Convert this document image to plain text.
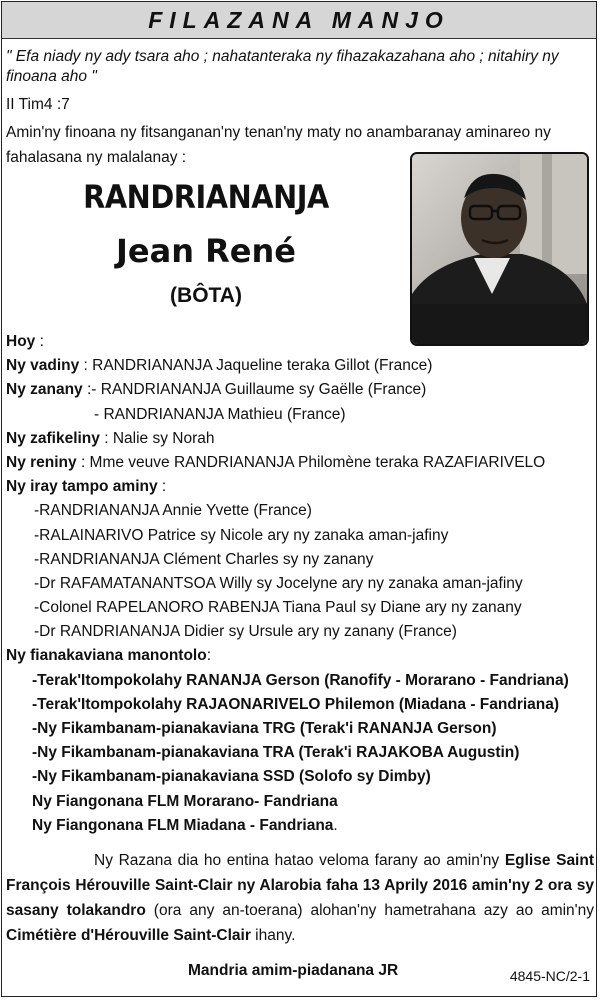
FILAZANA MANJO
" Efa niady ny ady tsara aho ; nahatanteraka ny fihazakazahana aho ; nitahiry ny finoana aho "
II Tim4 :7
Amin'ny finoana ny fitsanganan'ny tenan'ny maty no anambaranay aminareo ny fahalasana ny malalanay :
RANDRIANANJA
Jean René
(BÔTA)
Hoy :
Ny vadiny : RANDRIANANJA Jaqueline teraka Gillot (France)
Ny zanany :- RANDRIANANJA Guillaume sy Gaëlle (France)
- RANDRIANANJA Mathieu (France)
Ny zafikeliny : Nalie sy Norah
Ny reniny : Mme veuve RANDRIANANJA Philomène teraka RAZAFIARIVELO
Ny iray tampo aminy :
-RANDRIANANJA Annie Yvette (France)
-RALAINARIVO Patrice sy Nicole ary ny zanaka aman-jafiny
-RANDRIANANJA Clément Charles sy ny zanany
-Dr RAFAMATANANTSOA Willy sy Jocelyne ary ny zanaka aman-jafiny
-Colonel RAPELANORO RABENJA Tiana Paul sy Diane ary ny zanany
-Dr RANDRIANANJA Didier sy Ursule ary ny zanany (France)
Ny fianakaviana manontolo:
-Terak'Itompokolahy RANANJA Gerson (Ranofify - Morarano - Fandriana)
-Terak'Itompokolahy RAJAONARIVELO Philemon (Miadana - Fandriana)
-Ny Fikambanam-pianakaviana TRG (Terak'i RANANJA Gerson)
-Ny Fikambanam-pianakaviana TRA (Terak'i RAJAKOBA Augustin)
-Ny Fikambanam-pianakaviana SSD (Solofo sy Dimby)
Ny Fiangonana FLM Morarano- Fandriana
Ny Fiangonana FLM Miadana - Fandriana.
Ny Razana dia ho entina hatao veloma farany ao amin'ny Eglise Saint François Hérouville Saint-Clair ny Alarobia faha 13 Aprily 2016 amin'ny 2 ora sy sasany tolakandro (ora any an-toerana) alohan'ny hametrahana azy ao amin'ny Cimétière d'Hérouville Saint-Clair ihany.
Mandria amim-piadanana JR	4845-NC/2-1
